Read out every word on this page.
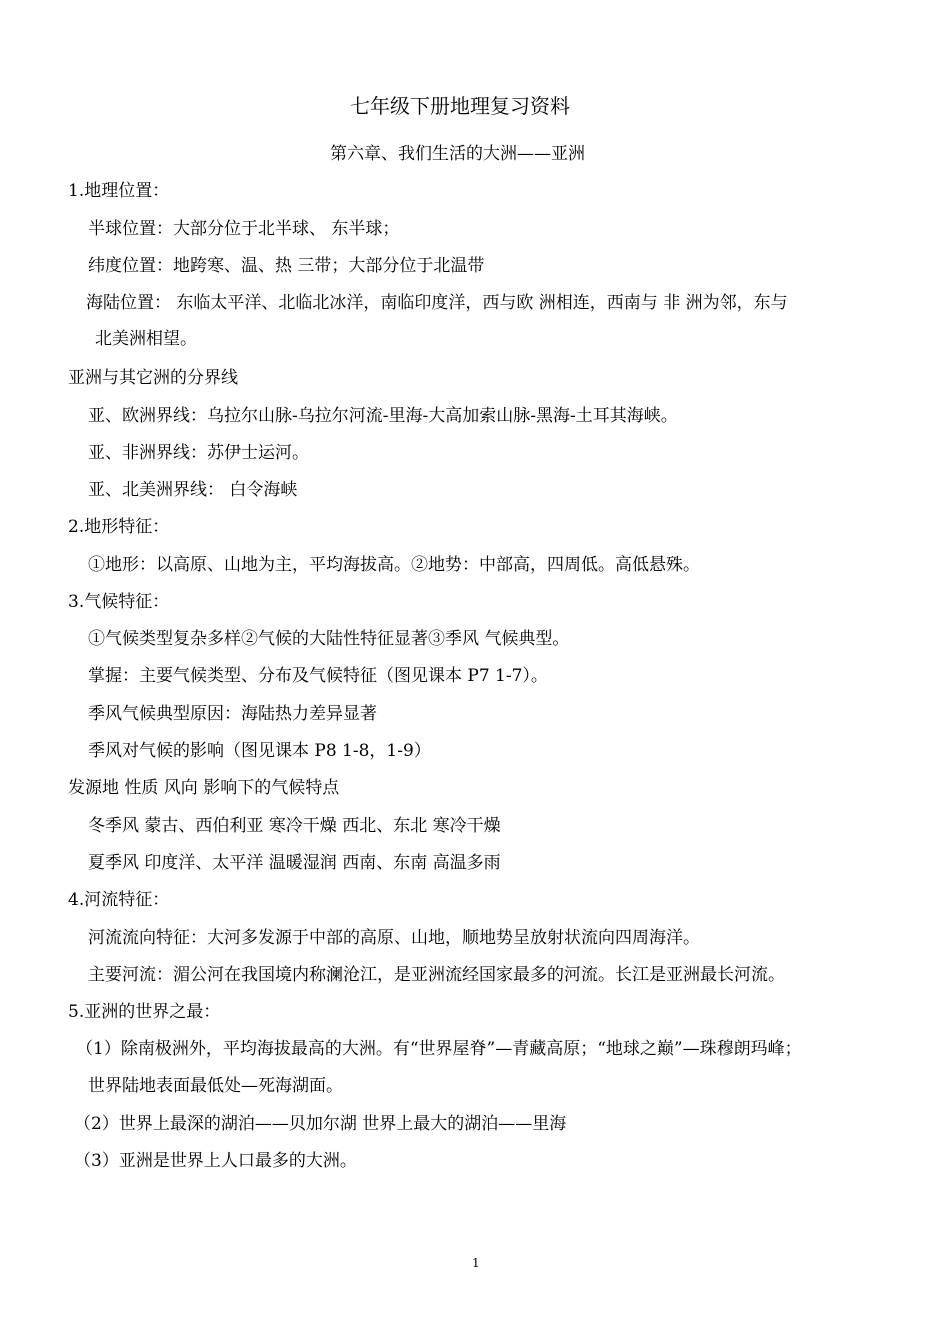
七年级下册地理复习资料
第六章、我们生活的大洲——亚洲
1.地理位置：
半球位置：大部分位于北半球、 东半球；
纬度位置：地跨寒、温、热 三带；大部分位于北温带
海陆位置： 东临太平洋、北临北冰洋，南临印度洋，西与欧 洲相连，西南与 非 洲为邻，东与
北美洲相望。
亚洲与其它洲的分界线
亚、欧洲界线：乌拉尔山脉-乌拉尔河流-里海-大高加索山脉-黑海-土耳其海峡。
亚、非洲界线：苏伊士运河。
亚、北美洲界线： 白令海峡
2.地形特征：
①地形：以高原、山地为主，平均海拔高。②地势：中部高，四周低。高低悬殊。
3.气候特征：
①气候类型复杂多样②气候的大陆性特征显著③季风 气候典型。
掌握：主要气候类型、分布及气候特征（图见课本 P7 1-7）。
季风气候典型原因：海陆热力差异显著
季风对气候的影响（图见课本 P8 1-8，1-9）
发源地 性质 风向 影响下的气候特点
冬季风 蒙古、西伯利亚 寒冷干燥 西北、东北 寒冷干燥
夏季风 印度洋、太平洋 温暖湿润 西南、东南 高温多雨
4.河流特征：
河流流向特征：大河多发源于中部的高原、山地，顺地势呈放射状流向四周海洋。
主要河流：湄公河在我国境内称澜沧江，是亚洲流经国家最多的河流。长江是亚洲最长河流。
5.亚洲的世界之最：
（1）除南极洲外，平均海拔最高的大洲。有“世界屋脊”—青藏高原；“地球之巅”—珠穆朗玛峰；
世界陆地表面最低处—死海湖面。
（2）世界上最深的湖泊——贝加尔湖 世界上最大的湖泊——里海
（3）亚洲是世界上人口最多的大洲。
1
